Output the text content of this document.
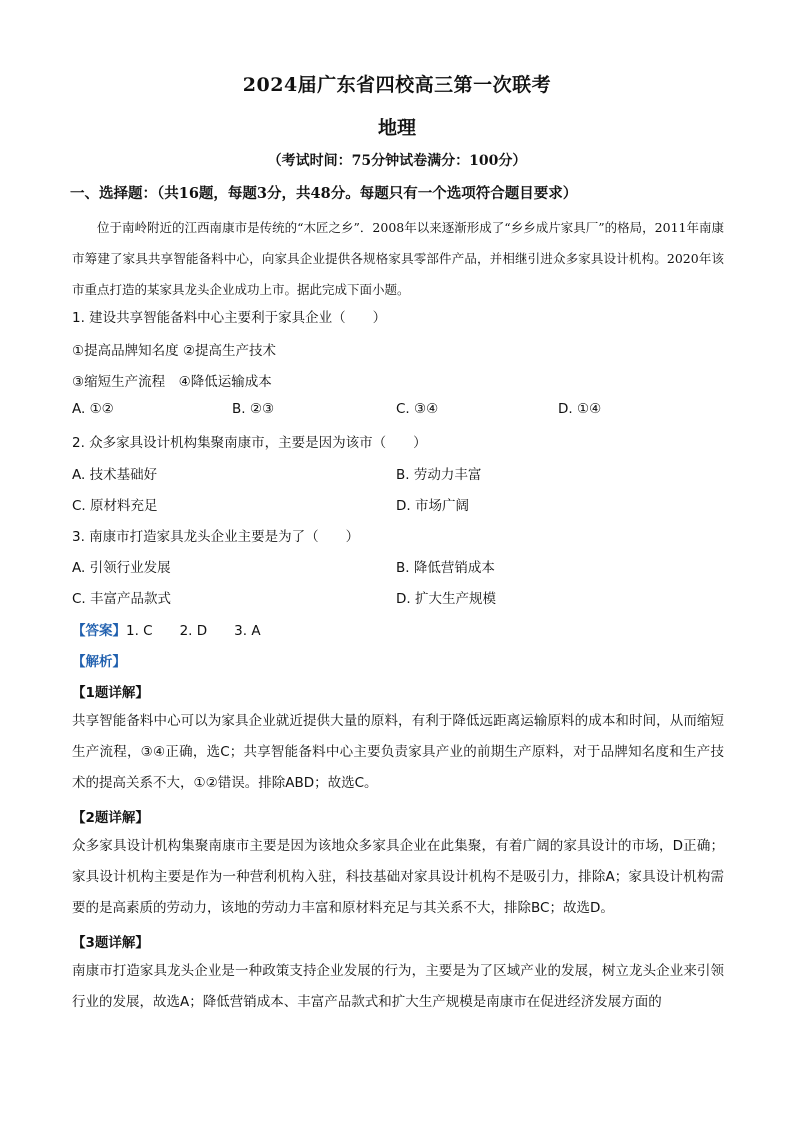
2024届广东省四校高三第一次联考
地理
（考试时间：75分钟试卷满分：100分）
一、选择题：（共16题，每题3分，共48分。每题只有一个选项符合题目要求）

位于南岭附近的江西南康市是传统的“木匠之乡”．2008年以来逐渐形成了“乡乡成片家具厂”的格局，2011年南康市筹建了家具共享智能备料中心，向家具企业提供各规格家具零部件产品，并相继引进众多家具设计机构。2020年该市重点打造的某家具龙头企业成功上市。据此完成下面小题。

1. 建设共享智能备料中心主要利于家具企业（　　）
①提高品牌知名度 ②提高生产技术
③缩短生产流程　④降低运输成本
A. ①②	B. ②③	C. ③④	D. ①④
2. 众多家具设计机构集聚南康市，主要是因为该市（　　）
A. 技术基础好	B. 劳动力丰富
C. 原材料充足	D. 市场广阔
3. 南康市打造家具龙头企业主要是为了（　　）
A. 引领行业发展	B. 降低营销成本
C. 丰富产品款式	D. 扩大生产规模
【答案】1. C　　2. D　　3. A
【解析】
【1题详解】

共享智能备料中心可以为家具企业就近提供大量的原料，有利于降低远距离运输原料的成本和时间，从而缩短生产流程，③④正确，选C；共享智能备料中心主要负责家具产业的前期生产原料，对于品牌知名度和生产技术的提高关系不大，①②错误。排除ABD；故选C。

【2题详解】

众多家具设计机构集聚南康市主要是因为该地众多家具企业在此集聚，有着广阔的家具设计的市场，D正确；家具设计机构主要是作为一种营利机构入驻，科技基础对家具设计机构不是吸引力，排除A；家具设计机构需要的是高素质的劳动力，该地的劳动力丰富和原材料充足与其关系不大，排除BC；故选D。

【3题详解】

南康市打造家具龙头企业是一种政策支持企业发展的行为，主要是为了区域产业的发展，树立龙头企业来引领行业的发展，故选A；降低营销成本、丰富产品款式和扩大生产规模是南康市在促进经济发展方面的
